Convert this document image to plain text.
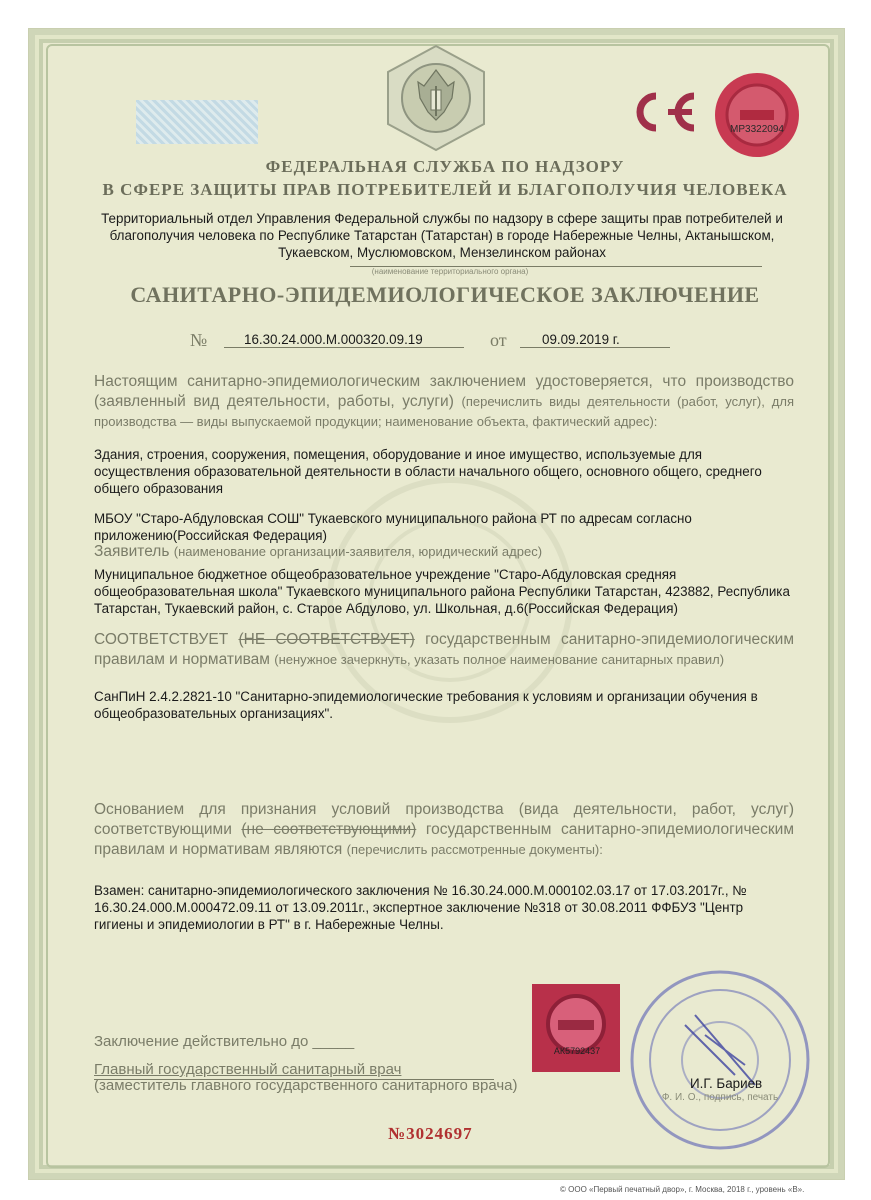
МР3322094
ФЕДЕРАЛЬНАЯ СЛУЖБА ПО НАДЗОРУ
В СФЕРЕ ЗАЩИТЫ ПРАВ ПОТРЕБИТЕЛЕЙ И БЛАГОПОЛУЧИЯ ЧЕЛОВЕКА
Территориальный отдел Управления Федеральной службы по надзору в сфере защиты прав потребителей и благополучия человека по Республике Татарстан (Татарстан) в городе Набережные Челны, Актанышском, Тукаевском, Муслюмовском, Мензелинском районах
(наименование территориального органа)
САНИТАРНО-ЭПИДЕМИОЛОГИЧЕСКОЕ ЗАКЛЮЧЕНИЕ
№	16.30.24.000.М.000320.09.19	от	09.09.2019 г.
Настоящим санитарно-эпидемиологическим заключением удостоверяется, что производство (заявленный вид деятельности, работы, услуги) (перечислить виды деятельности (работ, услуг), для производства — виды выпускаемой продукции; наименование объекта, фактический адрес):
Здания, строения, сооружения, помещения, оборудование и иное имущество, используемые для осуществления образовательной деятельности в области начального общего, основного общего, среднего общего образования
МБОУ "Старо-Абдуловская СОШ" Тукаевского муниципального района РТ по адресам согласно приложению(Российская Федерация)
Заявитель (наименование организации-заявителя, юридический адрес)
Муниципальное бюджетное общеобразовательное учреждение "Старо-Абдуловская средняя общеобразовательная школа" Тукаевского муниципального района Республики Татарстан, 423882, Республика Татарстан, Тукаевский район, с. Старое Абдулово, ул. Школьная, д.6(Российская Федерация)
СООТВЕТСТВУЕТ (НЕ СООТВЕТСТВУЕТ) государственным санитарно-эпидемиологическим правилам и нормативам (ненужное зачеркнуть, указать полное наименование санитарных правил)
СанПиН 2.4.2.2821-10 "Санитарно-эпидемиологические требования к условиям и организации обучения в общеобразовательных организациях".
Основанием для признания условий производства (вида деятельности, работ, услуг) соответствующими (не соответствующими) государственным санитарно-эпидемиологическим правилам и нормативам являются (перечислить рассмотренные документы):
Взамен: санитарно-эпидемиологического заключения № 16.30.24.000.М.000102.03.17 от 17.03.2017г., № 16.30.24.000.М.000472.09.11 от 13.09.2011г., экспертное заключение №318 от 30.08.2011 ФФБУЗ "Центр гигиены и эпидемиологии в РТ" в г. Набережные Челны.
АК5792437
Заключение действительно до _____
Главный государственный санитарный врач
(заместитель главного государственного санитарного врача)	И.Г. Бариев
Ф. И. О., подпись, печать
№3024697
© ООО «Первый печатный двор», г. Москва, 2018 г., уровень «В».
